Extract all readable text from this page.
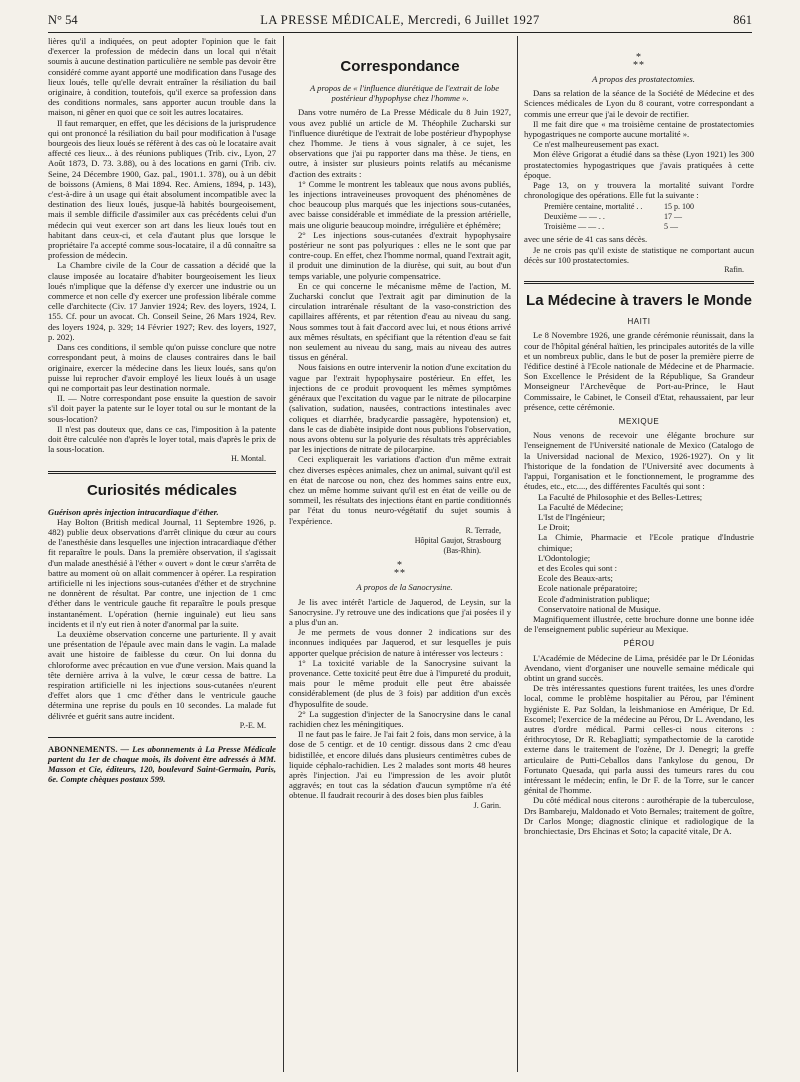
N° 54	LA PRESSE MÉDICALE, Mercredi, 6 Juillet 1927	861

lières qu'il a indiquées, on peut adopter l'opinion que le fait d'exercer la profession de médecin dans un local qui n'était soumis à aucune destination particulière ne semble pas devoir être considéré comme ayant apporté une modification dans l'usage des lieux loués, telle qu'elle devrait entraîner la résiliation du bail originaire, à condition, toutefois, qu'il exerce sa profession dans des conditions normales, sans apporter aucun trouble dans la maison, ni gêner en quoi que ce soit les autres locataires.

Il faut remarquer, en effet, que les décisions de la jurisprudence qui ont prononcé la résiliation du bail pour modification à l'usage bourgeois des lieux loués se réfèrent à des cas où le locataire avait affecté ces lieux... à des réunions publiques (Trib. civ., Lyon, 27 Août 1873, D. 73. 3.88), ou à des locations en garni (Trib. civ. Seine, 24 Décembre 1900, Gaz. pal., 1901.1. 378), ou à un débit de boissons (Amiens, 8 Mai 1894. Rec. Amiens, 1894, p. 143), c'est-à-dire à un usage qui était absolument incompatible avec la destination des lieux loués, jusque-là habités bourgeoisement, mais il semble difficile d'assimiler aux cas précédents celui d'un médecin qui veut exercer son art dans les lieux loués tout en habitant dans ceux-ci, et cela d'autant plus que lorsque le propriétaire l'a accepté comme sous-locataire, il a dû connaître sa profession de médecin.

La Chambre civile de la Cour de cassation a décidé que la clause imposée au locataire d'habiter bourgeoisement les lieux loués n'implique que la défense d'y exercer une industrie ou un commerce et non celle d'y exercer une profession libérale comme celle d'architecte (Civ. 17 Janvier 1924; Rev. des loyers, 1924, I. 155. Cf. pour un avocat. Ch. Conseil Seine, 26 Mars 1924, Rev. des loyers 1924, p. 329; 14 Février 1927; Rev. des loyers, 1927, p. 202).

Dans ces conditions, il semble qu'on puisse conclure que notre correspondant peut, à moins de clauses contraires dans le bail originaire, exercer la médecine dans les lieux loués, sans qu'on puisse lui reprocher d'avoir employé les lieux loués à un usage qui ne comportait pas leur destination normale.

II. — Notre correspondant pose ensuite la question de savoir s'il doit payer la patente sur le loyer total ou sur le montant de la sous-location?

Il n'est pas douteux que, dans ce cas, l'imposition à la patente doit être calculée non d'après le loyer total, mais d'après le prix de la sous-location.

H. Montal.

Curiosités médicales

Guérison après injection intracardiaque d'éther.

Hay Bolton (British medical Journal, 11 Septembre 1926, p. 482) publie deux observations d'arrêt clinique du cœur au cours de l'anesthésie dans lesquelles une injection intracardiaque d'éther fit reparaître le pouls. Dans la première observation, il s'agissait d'un malade anesthésié à l'éther « ouvert » dont le cœur s'arrêta de battre au moment où on allait commencer à opérer. La respiration artificielle ni les injections sous-cutanées d'éther et de strychnine ne donnèrent de résultat. Par contre, une injection de 1 cmc d'éther dans le ventricule gauche fit reparaître le pouls presque instantanément. L'opération (hernie inguinale) eut lieu sans incidents et il n'y eut rien à noter d'anormal par la suite.

La deuxième observation concerne une parturiente. Il y avait une présentation de l'épaule avec main dans le vagin. La malade avait une histoire de faiblesse du cœur. On lui donna du chloroforme avec précaution en vue d'une version. Mais quand la tête dernière arriva à la vulve, le cœur cessa de battre. La respiration artificielle ni les injections sous-cutanées n'eurent d'effet alors que 1 cmc d'éther dans le ventricule gauche détermina une reprise du pouls en 10 secondes. La malade fut délivrée et guérit sans autre incident.

P.-E. M.

ABONNEMENTS. — Les abonnements à La Presse Médicale partent du 1er de chaque mois, ils doivent être adressés à MM. Masson et Cie, éditeurs, 120, boulevard Saint-Germain, Paris, 6e. Compte chèques postaux 599.
Correspondance

A propos de « l'influence diurétique de l'extrait de lobe postérieur d'hypophyse chez l'homme ».

Dans votre numéro de La Presse Médicale du 8 Juin 1927, vous avez publié un article de M. Théophile Zucharski sur l'influence diurétique de l'extrait de lobe postérieur d'hypophyse chez l'homme. Je tiens à vous signaler, à ce sujet, les observations que j'ai pu rapporter dans ma thèse. Je tiens, en outre, à insister sur plusieurs points relatifs au mécanisme d'action des extraits :

1° Comme le montrent les tableaux que nous avons publiés, les injections intraveineuses provoquent des phénomènes de choc beaucoup plus marqués que les injections sous-cutanées, avec baisse considérable et immédiate de la pression artérielle, mais une oligurie beaucoup moindre, irrégulière et éphémère;

2° Les injections sous-cutanées d'extrait hypophysaire postérieur ne sont pas polyuriques : elles ne le sont que par contre-coup. En effet, chez l'homme normal, quand l'extrait agit, il produit une diminution de la diurèse, qui suit, au bout d'un temps variable, une polyurie compensatrice.

En ce qui concerne le mécanisme même de l'action, M. Zucharski conclut que l'extrait agit par diminution de la circulation intrarénale résultant de la vaso-constriction des capillaires afférents, et par rétention d'eau au niveau du sang. Nous sommes tout à fait d'accord avec lui, et nous étions arrivé aux mêmes résultats, en spécifiant que la rétention d'eau se fait non seulement au niveau du sang, mais au niveau des autres tissus en général.

Nous faisions en outre intervenir la notion d'une excitation du vague par l'extrait hypophysaire postérieur. En effet, les injections de ce produit provoquent les mêmes symptômes généraux que l'excitation du vague par le nitrate de pilocarpine (salivation, sudation, nausées, contractions intestinales avec coliques et diarrhée, bradycardie passagère, hypotension) et, dans le cas de diabète insipide dont nous publions l'observation, nous avons obtenu sur la polyurie des résultats très appréciables par les injections de nitrate de pilocarpine.

Ceci expliquerait les variations d'action d'un même extrait chez diverses espèces animales, chez un animal, suivant qu'il est en état de narcose ou non, chez des hommes sains entre eux, chez un même homme suivant qu'il est en état de veille ou de sommeil, les résultats des injections étant en partie conditionnés par l'état du tonus neuro-végétatif du sujet soumis à l'expérience.

R. Terrade,

Hôpital Gaujot, Strasbourg

(Bas-Rhin).

*
**

A propos de la Sanocrysine.

Je lis avec intérêt l'article de Jaquerod, de Leysin, sur la Sanocrysine. J'y retrouve une des indications que j'ai posées il y a plus d'un an.

Je me permets de vous donner 2 indications sur des inconnues indiquées par Jaquerod, et sur lesquelles je puis apporter quelque précision de nature à intéresser vos lecteurs :

1° La toxicité variable de la Sanocrysine suivant la provenance. Cette toxicité peut être due à l'impureté du produit, mais pour le même produit elle peut être abaissée considérablement (de plus de 3 fois) par addition d'un excès d'hyposulfite de soude.

2° La suggestion d'injecter de la Sanocrysine dans le canal rachidien chez les méningitiques.

Il ne faut pas le faire. Je l'ai fait 2 fois, dans mon service, à la dose de 5 centigr. et de 10 centigr. dissous dans 2 cmc d'eau bidistillée, et encore dilués dans plusieurs centimètres cubes de liquide céphalo-rachidien. Les 2 malades sont morts 48 heures après l'injection. J'ai eu l'impression de les avoir plutôt aggravés; en tout cas la sédation d'aucun symptôme n'a été obtenue. Il faudrait recourir à des doses bien plus faibles

J. Garin.

*
**

A propos des prostatectomies.

Dans sa relation de la séance de la Société de Médecine et des Sciences médicales de Lyon du 8 courant, votre correspondant a commis une erreur que j'ai le devoir de rectifier.

Il me fait dire que « ma troisième centaine de prostatectomies hypogastriques ne comporte aucune mortalité ».

Ce n'est malheureusement pas exact.

Mon élève Grigorat a étudié dans sa thèse (Lyon 1921) les 300 prostatectomies hypogastriques que j'avais pratiquées à cette époque.

Page 13, on y trouvera la mortalité suivant l'ordre chronologique des opérations. Elle fut la suivante :

Première centaine, mortalité . .	15 p. 100
Deuxième — — . .	17 —
Troisième — — . .	5 —

avec une série de 41 cas sans décès.

Je ne crois pas qu'il existe de statistique ne comportant aucun décès sur 100 prostatectomies.

Rafin.

La Médecine à travers le Monde
HAITI

Le 8 Novembre 1926, une grande cérémonie réunissait, dans la cour de l'hôpital général haïtien, les principales autorités de la ville et un nombreux public, dans le but de poser la première pierre de l'édifice destiné à l'Ecole nationale de Médecine et de Pharmacie. Son Excellence le Président de la République, Sa Grandeur Monseigneur l'Archevêque de Port-au-Prince, le Haut Commissaire, le Cabinet, le Conseil d'Etat, rehaussaient, par leur présence, cette cérémonie.

MEXIQUE

Nous venons de recevoir une élégante brochure sur l'enseignement de l'Université nationale de Mexico (Catalogo de la Universidad nacional de Mexico, 1926-1927). On y lit l'historique de la fondation de l'Université avec documents à l'appui, l'organisation et le fonctionnement, le programme des études, etc., etc...., des différentes Facultés qui sont :

La Faculté de Philosophie et des Belles-Lettres;

La Faculté de Médecine;

L'Ist de l'Ingénieur;

Le Droit;

La Chimie, Pharmacie et l'Ecole pratique d'Industrie chimique;

L'Odontologie;

et des Ecoles qui sont :

Ecole des Beaux-arts;

Ecole nationale préparatoire;

Ecole d'administration publique;

Conservatoire national de Musique.

Magnifiquement illustrée, cette brochure donne une bonne idée de l'enseignement public supérieur au Mexique.

PÉROU

L'Académie de Médecine de Lima, présidée par le Dr Léonidas Avendano, vient d'organiser une nouvelle semaine médicale qui obtint un grand succès.

De très intéressantes questions furent traitées, les unes d'ordre local, comme le problème hospitalier au Pérou, par l'éminent hygiéniste E. Paz Soldan, la leishmaniose en Amérique, Dr Ed. Escomel; l'exercice de la médecine au Pérou, Dr L. Avendano, les autres d'ordre médical. Parmi celles-ci nous citerons : érithrocytose, Dr R. Rebagliatti; sympathectomie de la carotide externe dans le traitement de l'ozène, Dr J. Denegri; la greffe articulaire de Putti-Ceballos dans l'ankylose du genou, Dr Fortunato Quesada, qui parla aussi des tumeurs rares du cou intéressant le médecin; enfin, le Dr F. de la Torre, sur le cancer génital de l'homme.

Du côté médical nous citerons : aurothérapie de la tuberculose, Drs Bambareju, Maldonado et Voto Bernales; traitement de goître, Dr Carlos Monge; diagnostic clinique et radiologique de la bronchiectasie, Drs Ehcinas et Soto; la capacité vitale, Dr A.
